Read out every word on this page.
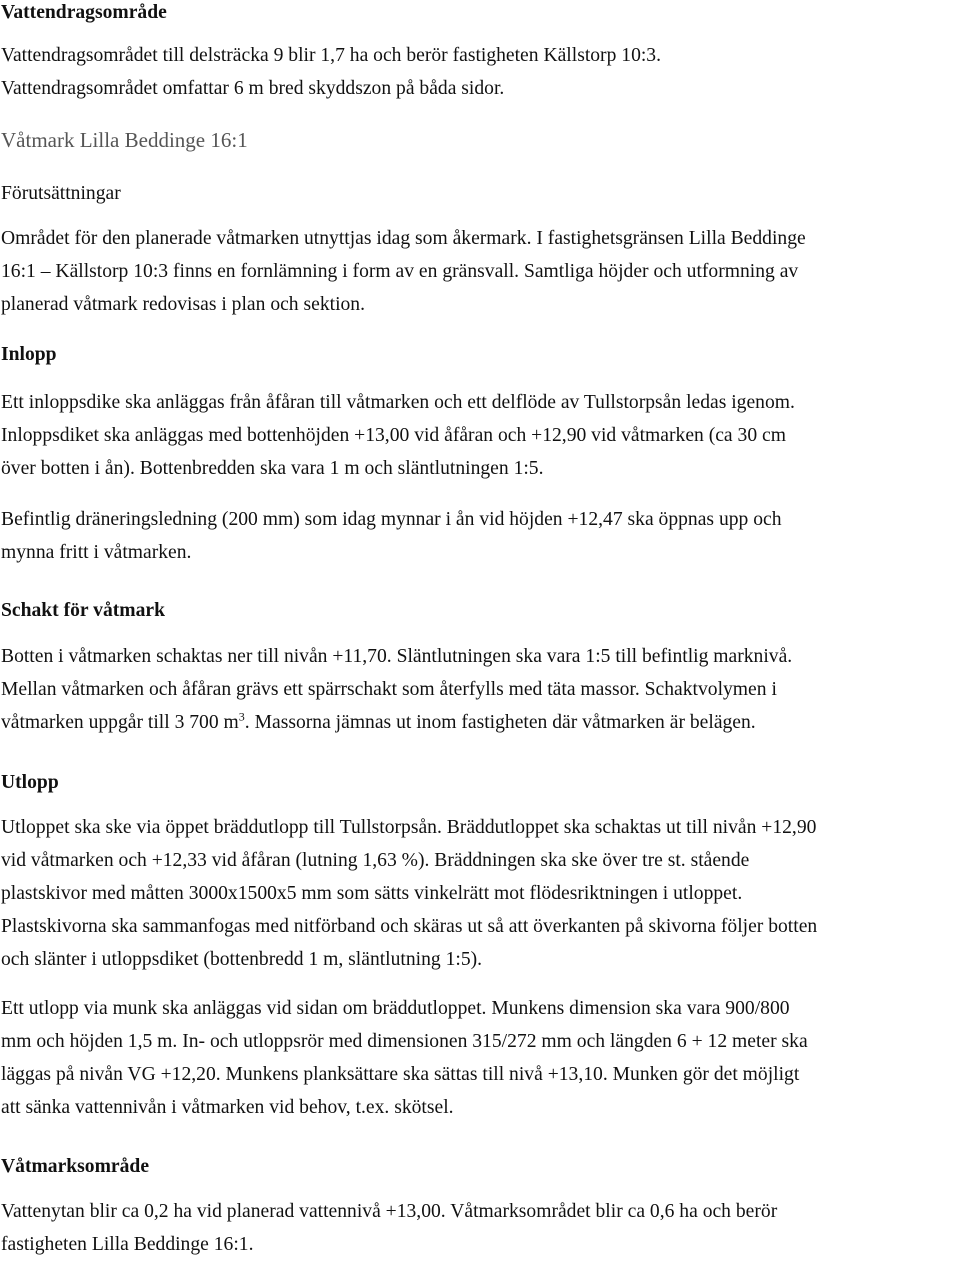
Vattendragsområde
Vattendragsområdet till delsträcka 9 blir 1,7 ha och berör fastigheten Källstorp 10:3.
Vattendragsområdet omfattar 6 m bred skyddszon på båda sidor.
Våtmark Lilla Beddinge 16:1
Förutsättningar
Området för den planerade våtmarken utnyttjas idag som åkermark. I fastighetsgränsen Lilla Beddinge
16:1 – Källstorp 10:3 finns en fornlämning i form av en gränsvall. Samtliga höjder och utformning av
planerad våtmark redovisas i plan och sektion.
Inlopp
Ett inloppsdike ska anläggas från åfåran till våtmarken och ett delflöde av Tullstorpsån ledas igenom.
Inloppsdiket ska anläggas med bottenhöjden +13,00 vid åfåran och +12,90 vid våtmarken (ca 30 cm
över botten i ån). Bottenbredden ska vara 1 m och släntlutningen 1:5.
Befintlig dräneringsledning (200 mm) som idag mynnar i ån vid höjden +12,47 ska öppnas upp och
mynna fritt i våtmarken.
Schakt för våtmark
Botten i våtmarken schaktas ner till nivån +11,70. Släntlutningen ska vara 1:5 till befintlig marknivå.
Mellan våtmarken och åfåran grävs ett spärrschakt som återfylls med täta massor. Schaktvolymen i
våtmarken uppgår till 3 700 $m^3$. Massorna jämnas ut inom fastigheten där våtmarken är belägen.
Utlopp
Utloppet ska ske via öppet bräddutlopp till Tullstorpsån. Bräddutloppet ska schaktas ut till nivån +12,90
vid våtmarken och +12,33 vid åfåran (lutning 1,63 %). Bräddningen ska ske över tre st. stående
plastskivor med måtten 3000x1500x5 mm som sätts vinkelrätt mot flödesriktningen i utloppet.
Plastskivorna ska sammanfogas med nitförband och skäras ut så att överkanten på skivorna följer botten
och slänter i utloppsdiket (bottenbredd 1 m, släntlutning 1:5).
Ett utlopp via munk ska anläggas vid sidan om bräddutloppet. Munkens dimension ska vara 900/800
mm och höjden 1,5 m. In- och utloppsrör med dimensionen 315/272 mm och längden 6 + 12 meter ska
läggas på nivån VG +12,20. Munkens planksättare ska sättas till nivå +13,10. Munken gör det möjligt
att sänka vattennivån i våtmarken vid behov, t.ex. skötsel.
Våtmarksområde
Vattenytan blir ca 0,2 ha vid planerad vattennivå +13,00. Våtmarksområdet blir ca 0,6 ha och berör
fastigheten Lilla Beddinge 16:1.
